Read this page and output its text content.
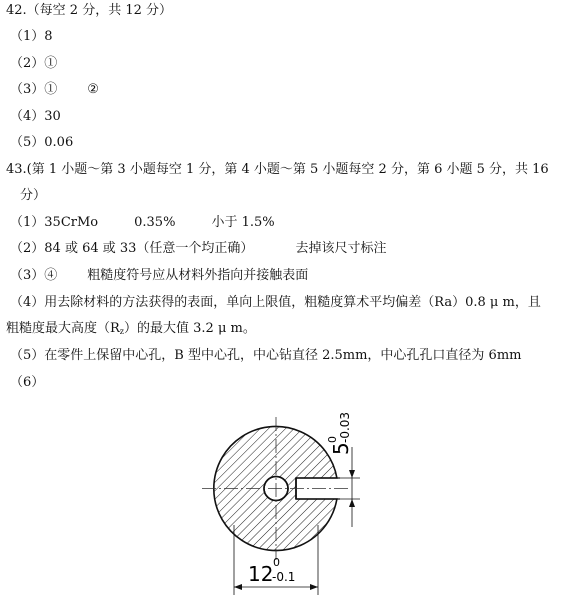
42.（每空 2 分，共 12 分）
（1）8
（2）①
（3）① ②
（4）30
（5）0.06
43.(第 1 小题～第 3 小题每空 1 分，第 4 小题～第 5 小题每空 2 分，第 6 小题 5 分，共 16
分）
（1）35CrMo	0.35%	小于 1.5%
（2）84 或 64 或 33（任意一个均正确）	去掉该尺寸标注
（3）④ 粗糙度符号应从材料外指向并接触表面
（4）用去除材料的方法获得的表面，单向上限值，粗糙度算术平均偏差（Ra）0.8 μ m，且
粗糙度最大高度$(R_z)$的最大值 3.2 μ m。
（5）在零件上保留中心孔，B 型中心孔，中心钻直径 2.5mm，中心孔孔口直径为 6mm
（6）
5
0 -0.03
12 0
-0.1
